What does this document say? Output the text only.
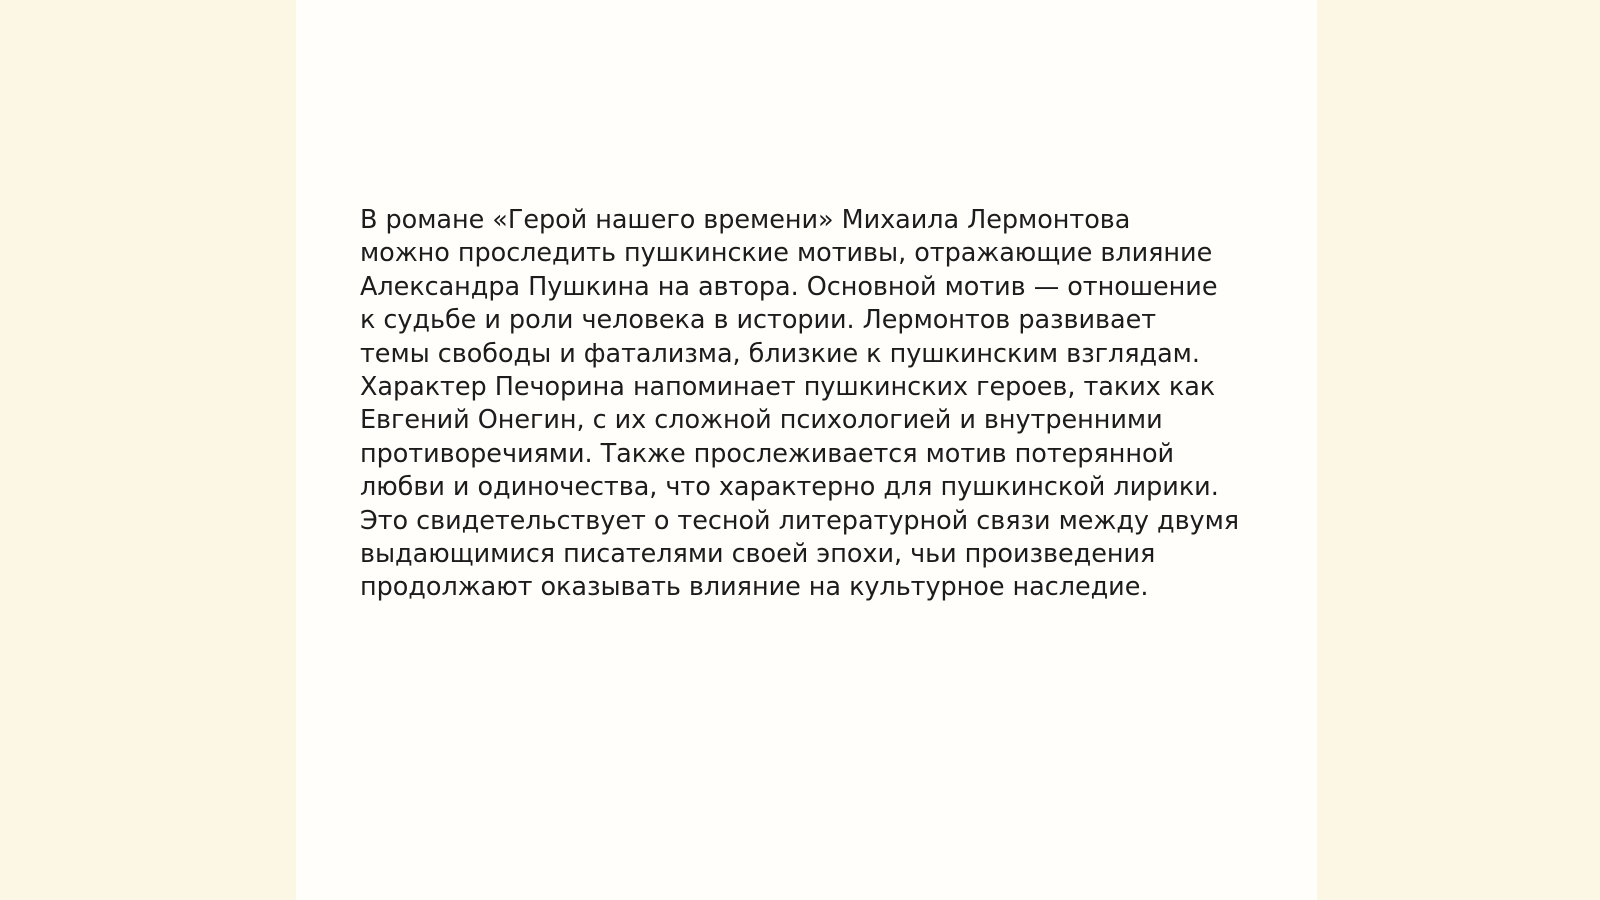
В романе «Герой нашего времени» Михаила Лермонтова
можно проследить пушкинские мотивы, отражающие влияние
Александра Пушкина на автора. Основной мотив — отношение
к судьбе и роли человека в истории. Лермонтов развивает
темы свободы и фатализма, близкие к пушкинским взглядам.
Характер Печорина напоминает пушкинских героев, таких как
Евгений Онегин, с их сложной психологией и внутренними
противоречиями. Также прослеживается мотив потерянной
любви и одиночества, что характерно для пушкинской лирики.
Это свидетельствует о тесной литературной связи между двумя
выдающимися писателями своей эпохи, чьи произведения
продолжают оказывать влияние на культурное наследие.
